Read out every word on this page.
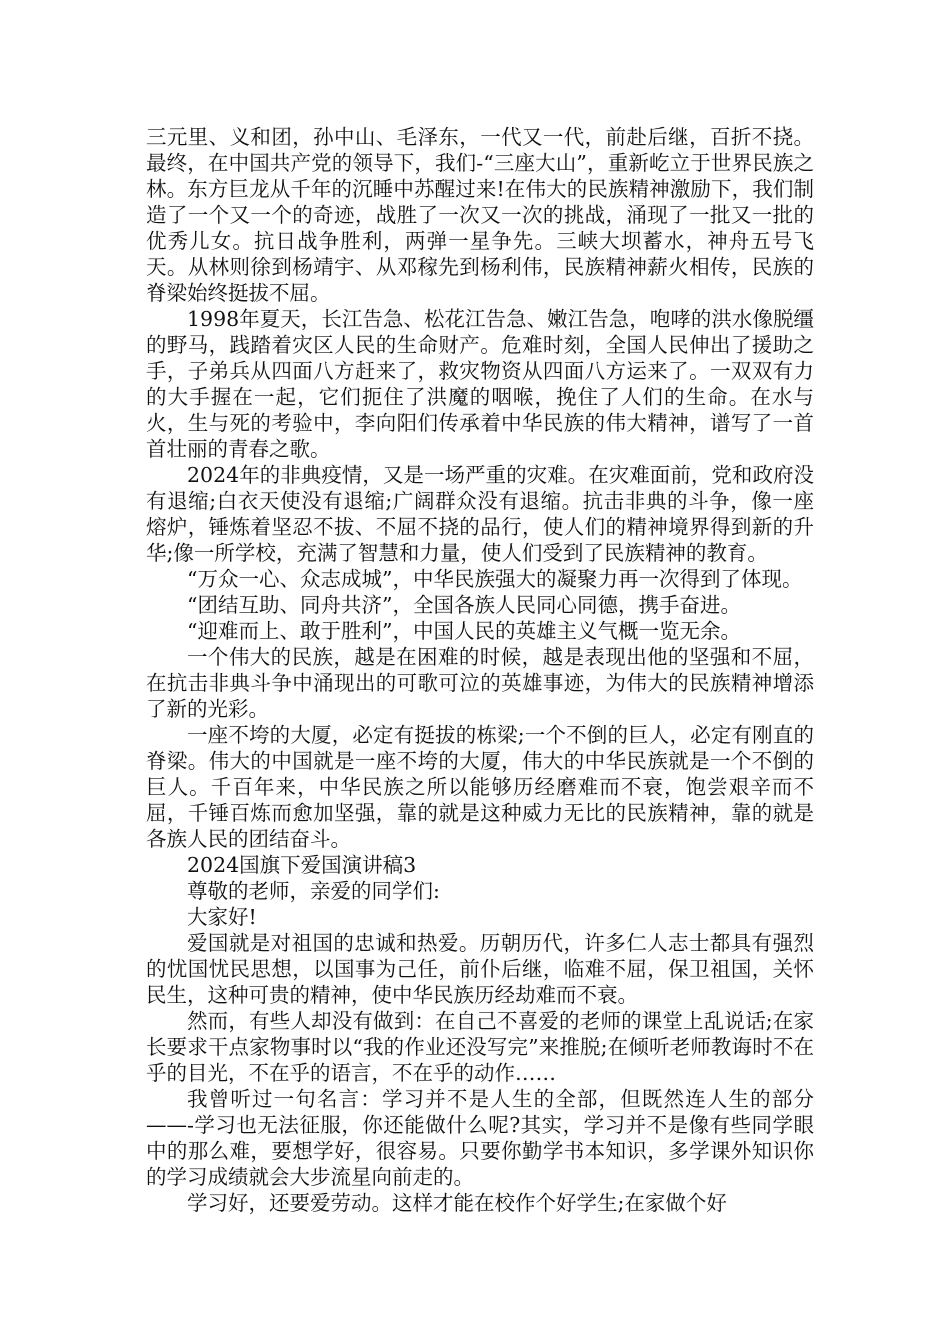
三元里、义和团，孙中山、毛泽东，一代又一代，前赴后继，百折不挠。最终，在中国共产党的领导下，我们-“三座大山”，重新屹立于世界民族之林。东方巨龙从千年的沉睡中苏醒过来!在伟大的民族精神激励下，我们制造了一个又一个的奇迹，战胜了一次又一次的挑战，涌现了一批又一批的优秀儿女。抗日战争胜利，两弹一星争先。三峡大坝蓄水，神舟五号飞天。从林则徐到杨靖宇、从邓稼先到杨利伟，民族精神薪火相传，民族的脊梁始终挺拔不屈。

1998年夏天，长江告急、松花江告急、嫩江告急，咆哮的洪水像脱缰的野马，践踏着灾区人民的生命财产。危难时刻，全国人民伸出了援助之手，子弟兵从四面八方赶来了，救灾物资从四面八方运来了。一双双有力的大手握在一起，它们扼住了洪魔的咽喉，挽住了人们的生命。在水与火，生与死的考验中，李向阳们传承着中华民族的伟大精神，谱写了一首首壮丽的青春之歌。

2024年的非典疫情，又是一场严重的灾难。在灾难面前，党和政府没有退缩;白衣天使没有退缩;广阔群众没有退缩。抗击非典的斗争，像一座熔炉，锤炼着坚忍不拔、不屈不挠的品行，使人们的精神境界得到新的升华;像一所学校，充满了智慧和力量，使人们受到了民族精神的教育。

“万众一心、众志成城”，中华民族强大的凝聚力再一次得到了体现。

“团结互助、同舟共济”，全国各族人民同心同德，携手奋进。

“迎难而上、敢于胜利”，中国人民的英雄主义气概一览无余。

一个伟大的民族，越是在困难的时候，越是表现出他的坚强和不屈，在抗击非典斗争中涌现出的可歌可泣的英雄事迹，为伟大的民族精神增添了新的光彩。

一座不垮的大厦，必定有挺拔的栋梁;一个不倒的巨人，必定有刚直的脊梁。伟大的中国就是一座不垮的大厦，伟大的中华民族就是一个不倒的巨人。千百年来，中华民族之所以能够历经磨难而不衰，饱尝艰辛而不屈，千锤百炼而愈加坚强，靠的就是这种威力无比的民族精神，靠的就是各族人民的团结奋斗。

2024国旗下爱国演讲稿3

尊敬的老师，亲爱的同学们:

大家好!

爱国就是对祖国的忠诚和热爱。历朝历代，许多仁人志士都具有强烈的忧国忧民思想，以国事为己任，前仆后继，临难不屈，保卫祖国，关怀民生，这种可贵的精神，使中华民族历经劫难而不衰。

然而，有些人却没有做到：在自己不喜爱的老师的课堂上乱说话;在家长要求干点家物事时以“我的作业还没写完”来推脱;在倾听老师教诲时不在乎的目光，不在乎的语言，不在乎的动作……

我曾听过一句名言：学习并不是人生的全部，但既然连人生的部分——-学习也无法征服，你还能做什么呢?其实，学习并不是像有些同学眼中的那么难，要想学好，很容易。只要你勤学书本知识，多学课外知识你的学习成绩就会大步流星向前走的。

学习好，还要爱劳动。这样才能在校作个好学生;在家做个好
